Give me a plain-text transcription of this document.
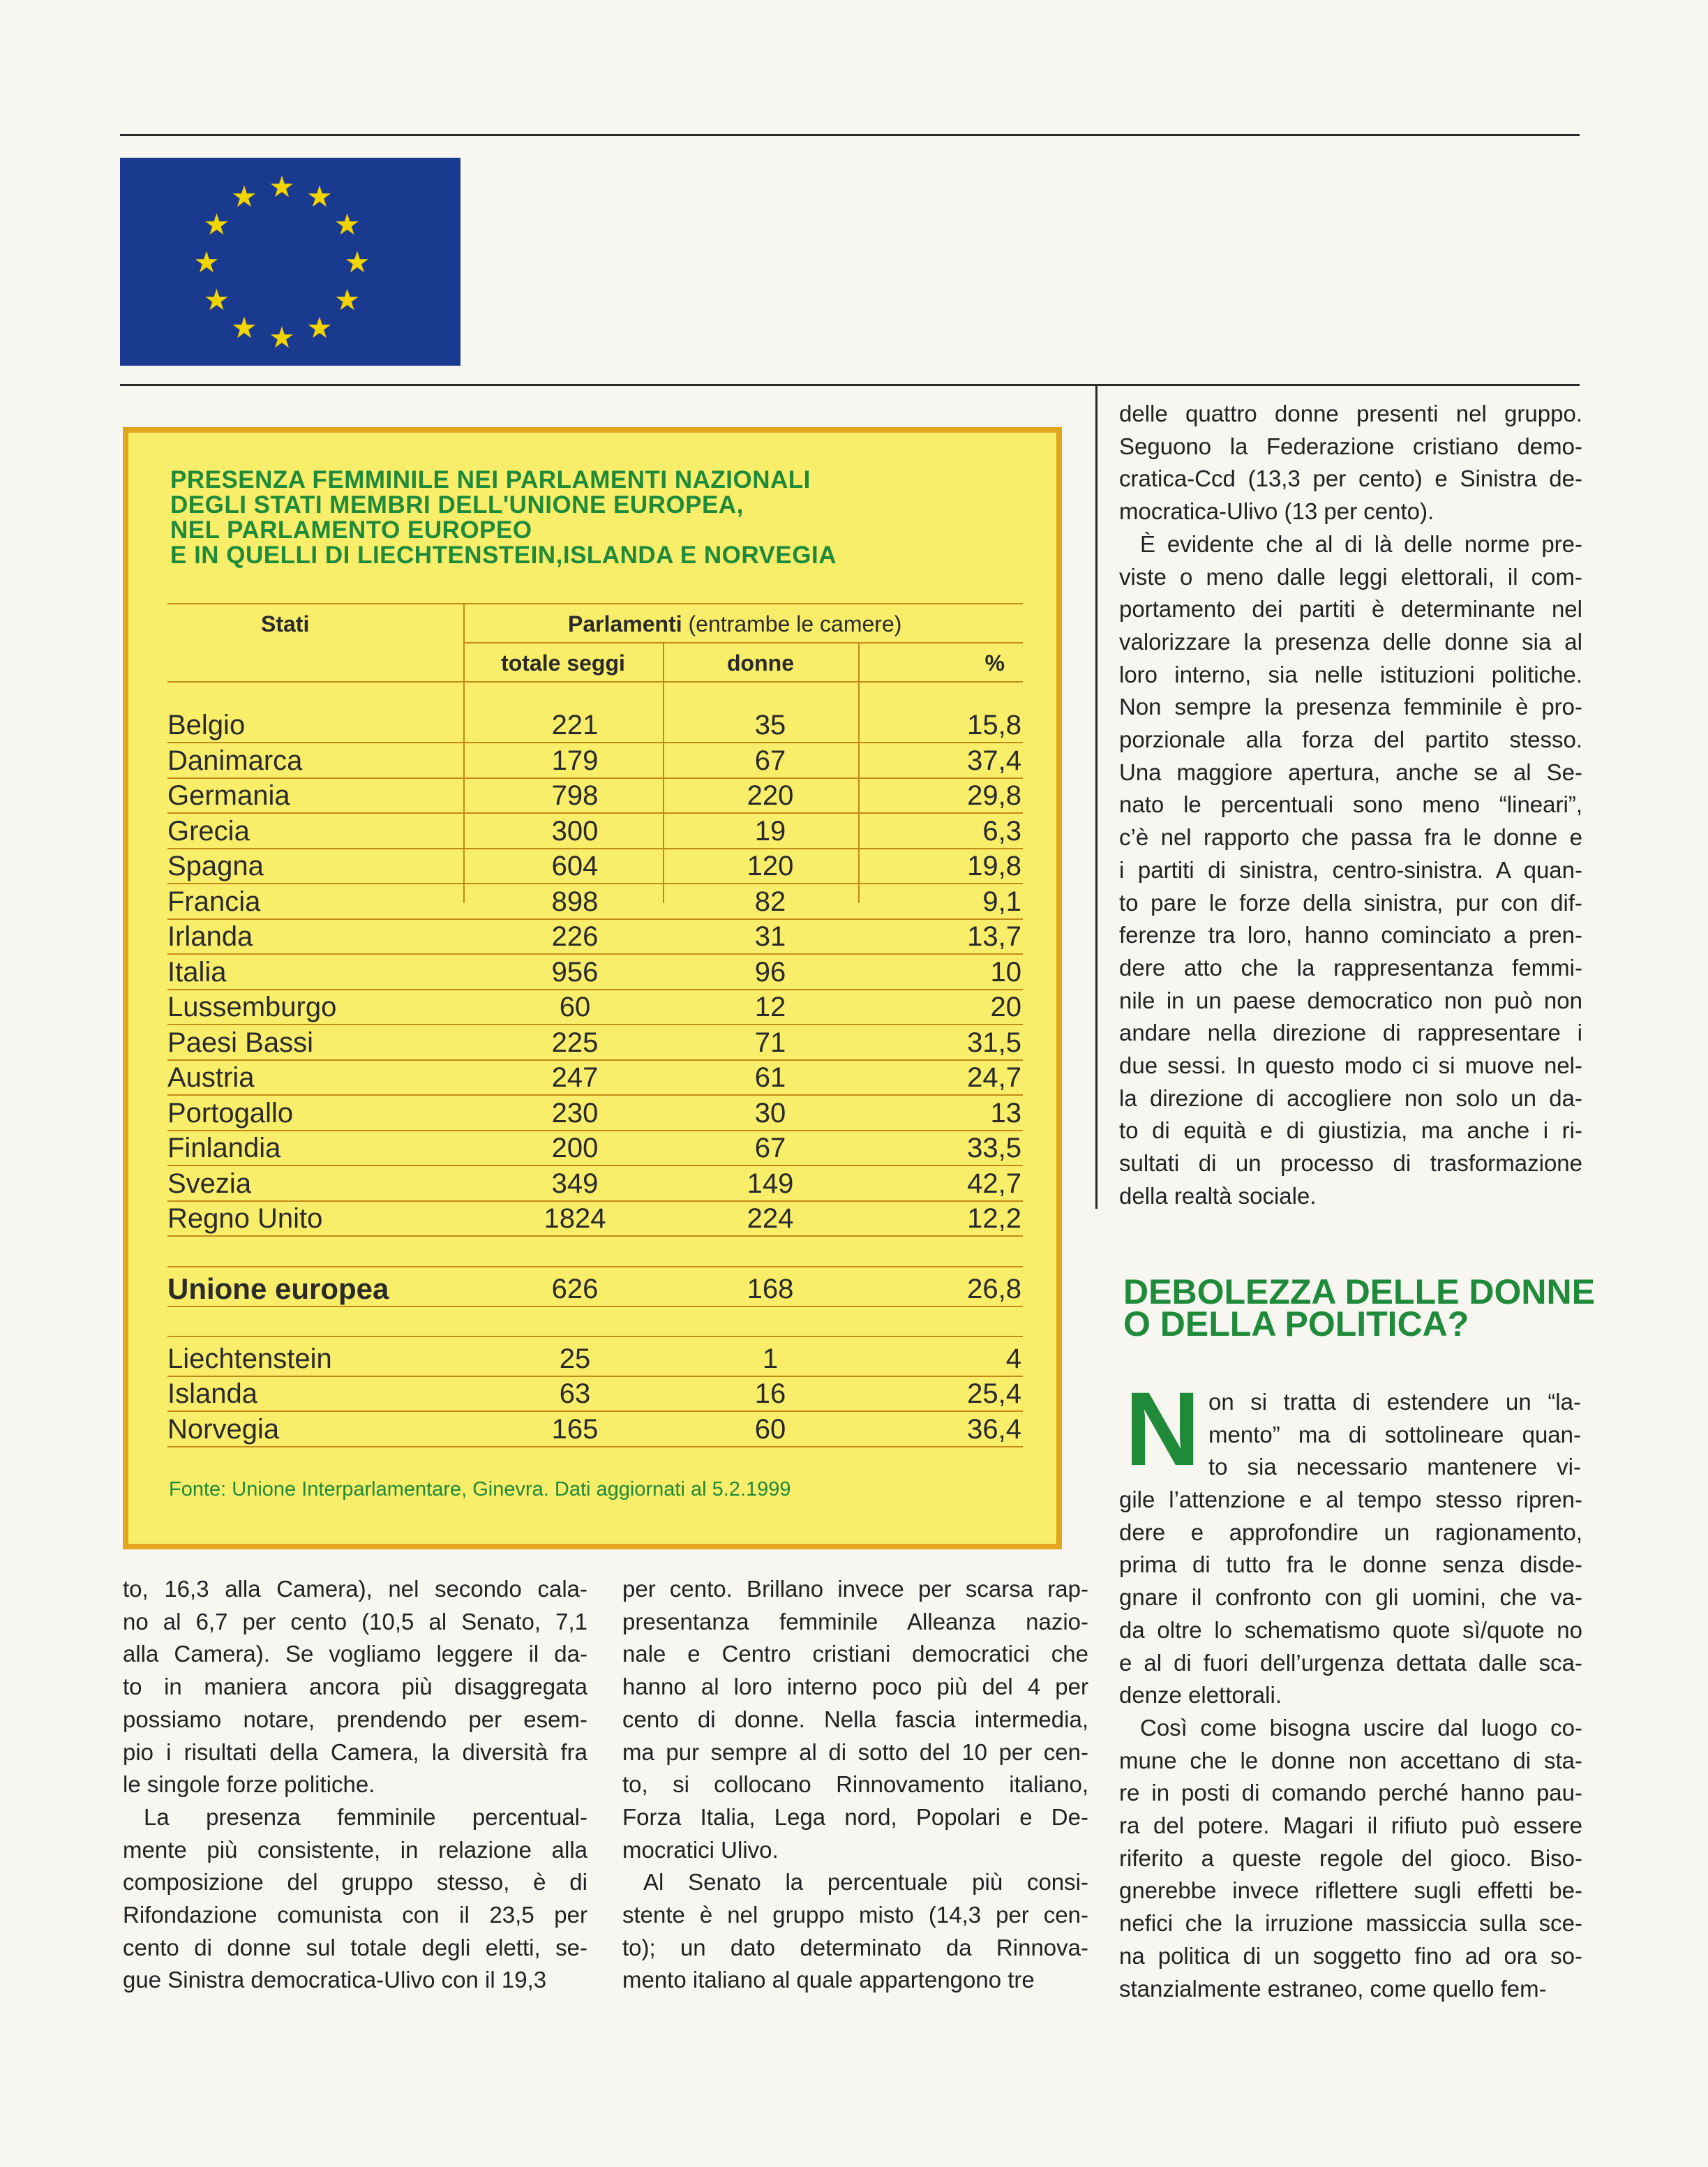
★ ★
★
★
★
★
★
★
★
★
★
★
PRESENZA FEMMINILE NEI PARLAMENTI NAZIONALI
DEGLI STATI MEMBRI DELL'UNIONE EUROPEA,
NEL PARLAMENTO EUROPEO
E IN QUELLI DI LIECHTENSTEIN,ISLANDA E NORVEGIA
Stati	Parlamenti (entrambe le camere)
totale seggi	donne	%
Belgio	221	35	15,8
Danimarca	179	67	37,4
Germania	798	220	29,8
Grecia	300	19	6,3
Spagna	604	120	19,8
Francia	898	82	9,1
Irlanda	226	31	13,7
Italia	956	96	10
Lussemburgo	60	12	20
Paesi Bassi	225	71	31,5
Austria	247	61	24,7
Portogallo	230	30	13
Finlandia	200	67	33,5
Svezia	349	149	42,7
Regno Unito	1824	224	12,2
Unione europea	626	168	26,8
Liechtenstein	25	1	4
Islanda	63	16	25,4
Norvegia	165	60	36,4
Fonte: Unione Interparlamentare, Ginevra. Dati aggiornati al 5.2.1999
to, 16,3 alla Camera), nel secondo cala-
no al 6,7 per cento (10,5 al Senato, 7,1
alla Camera). Se vogliamo leggere il da-
to in maniera ancora più disaggregata
possiamo notare, prendendo per esem-
pio i risultati della Camera, la diversità fra
le singole forze politiche.
La presenza femminile percentual-
mente più consistente, in relazione alla
composizione del gruppo stesso, è di
Rifondazione comunista con il 23,5 per
cento di donne sul totale degli eletti, se-
gue Sinistra democratica-Ulivo con il 19,3
per cento. Brillano invece per scarsa rap-
presentanza femminile Alleanza nazio-
nale e Centro cristiani democratici che
hanno al loro interno poco più del 4 per
cento di donne. Nella fascia intermedia,
ma pur sempre al di sotto del 10 per cen-
to, si collocano Rinnovamento italiano,
Forza Italia, Lega nord, Popolari e De-
mocratici Ulivo.
Al Senato la percentuale più consi-
stente è nel gruppo misto (14,3 per cen-
to); un dato determinato da Rinnova-
mento italiano al quale appartengono tre
delle quattro donne presenti nel gruppo.
Seguono la Federazione cristiano demo-
cratica-Ccd (13,3 per cento) e Sinistra de-
mocratica-Ulivo (13 per cento).
È evidente che al di là delle norme pre-
viste o meno dalle leggi elettorali, il com-
portamento dei partiti è determinante nel
valorizzare la presenza delle donne sia al
loro interno, sia nelle istituzioni politiche.
Non sempre la presenza femminile è pro-
porzionale alla forza del partito stesso.
Una maggiore apertura, anche se al Se-
nato le percentuali sono meno “lineari”,
c’è nel rapporto che passa fra le donne e
i partiti di sinistra, centro-sinistra. A quan-
to pare le forze della sinistra, pur con dif-
ferenze tra loro, hanno cominciato a pren-
dere atto che la rappresentanza femmi-
nile in un paese democratico non può non
andare nella direzione di rappresentare i
due sessi. In questo modo ci si muove nel-
la direzione di accogliere non solo un da-
to di equità e di giustizia, ma anche i ri-
sultati di un processo di trasformazione
della realtà sociale.
DEBOLEZZA DELLE DONNE
O DELLA POLITICA?
N on si tratta di estendere un “la-
mento” ma di sottolineare quan-
to sia necessario mantenere vi-
gile l’attenzione e al tempo stesso ripren-
dere e approfondire un ragionamento,
prima di tutto fra le donne senza disde-
gnare il confronto con gli uomini, che va-
da oltre lo schematismo quote sì/quote no
e al di fuori dell’urgenza dettata dalle sca-
denze elettorali.
Così come bisogna uscire dal luogo co-
mune che le donne non accettano di sta-
re in posti di comando perché hanno pau-
ra del potere. Magari il rifiuto può essere
riferito a queste regole del gioco. Biso-
gnerebbe invece riflettere sugli effetti be-
nefici che la irruzione massiccia sulla sce-
na politica di un soggetto fino ad ora so-
stanzialmente estraneo, come quello fem-
